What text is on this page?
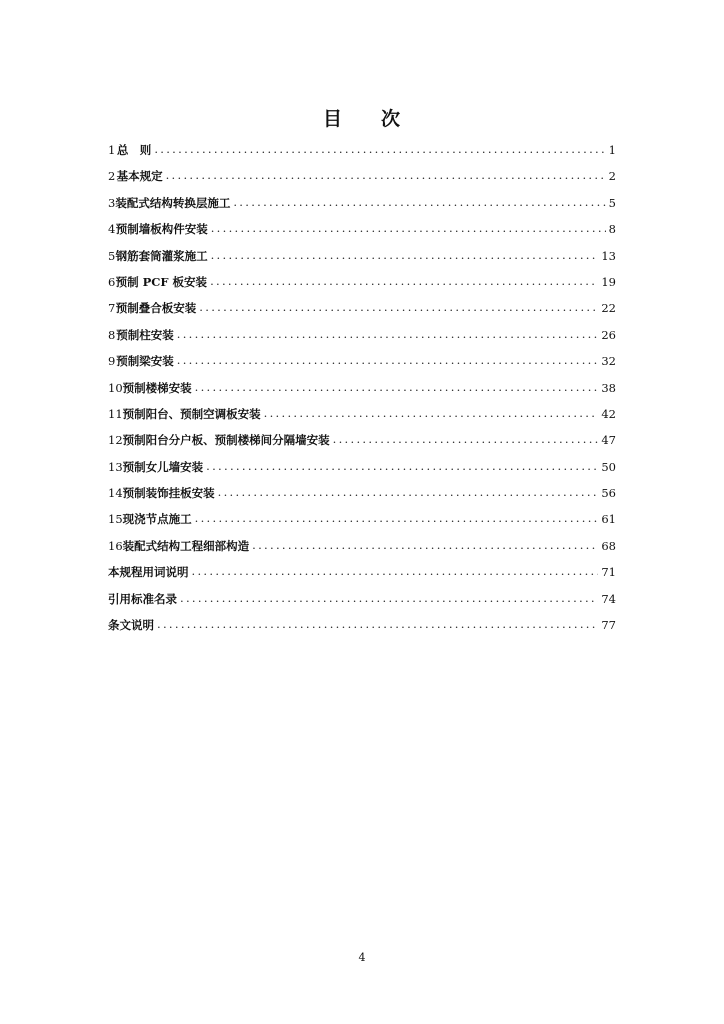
目 次
1 总　则 .....	1
2 基本规定 .....	2
3 装配式结构转换层施工 .....	5
4 预制墙板构件安装 .....	8
5 钢筋套筒灌浆施工 .....	13
6 预制 PCF 板安装 .....	19
7 预制叠合板安装 .....	22
8 预制柱安装 .....	26
9 预制梁安装 .....	32
10 预制楼梯安装 .....	38
11 预制阳台、预制空调板安装 .....	42
12 预制阳台分户板、预制楼梯间分隔墙安装 .....	47
13 预制女儿墙安装 .....	50
14 预制装饰挂板安装 .....	56
15 现浇节点施工 .....	61
16 装配式结构工程细部构造 .....	68
本规程用词说明 .....	71
引用标准名录 .....	74
条文说明 .....	77
4
